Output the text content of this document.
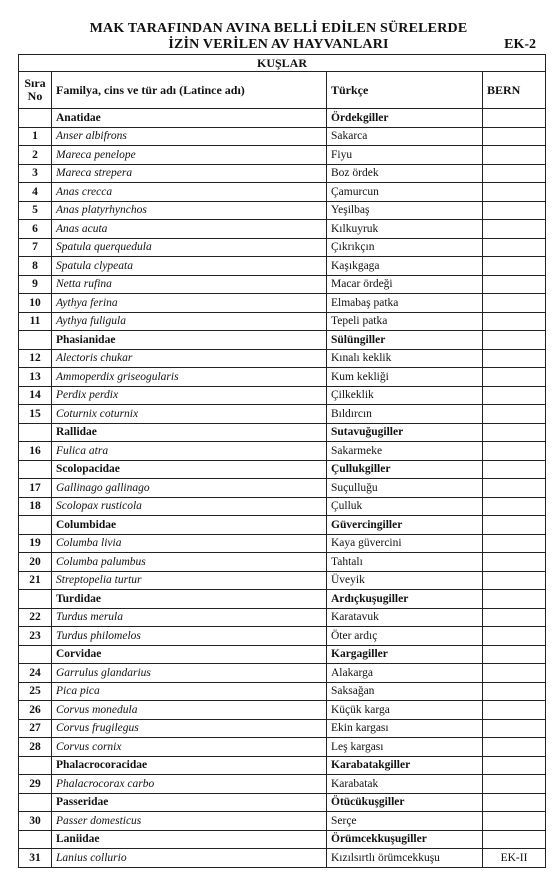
MAK TARAFINDAN AVINA BELLİ EDİLEN SÜRELERDE
İZİN VERİLEN AV HAYVANLARI	EK-2
KUŞLAR			
Sıra
No	Familya, cins ve tür adı (Latince adı)	Türkçe	BERN
	Anatidae	Ördekgiller	
1	Anser albifrons	Sakarca	
2	Mareca penelope	Fiyu	
3	Mareca strepera	Boz ördek	
4	Anas crecca	Çamurcun	
5	Anas platyrhynchos	Yeşilbaş	
6	Anas acuta	Kılkuyruk	
7	Spatula querquedula	Çıkrıkçın	
8	Spatula clypeata	Kaşıkgaga	
9	Netta rufina	Macar ördeği	
10	Aythya ferina	Elmabaş patka	
11	Aythya fuligula	Tepeli patka	
	Phasianidae	Sülüngiller	
12	Alectoris chukar	Kınalı keklik	
13	Ammoperdix griseogularis	Kum kekliği	
14	Perdix perdix	Çilkeklik	
15	Coturnix coturnix	Bıldırcın	
	Rallidae	Sutavuğugiller	
16	Fulica atra	Sakarmeke	
	Scolopacidae	Çullukgiller	
17	Gallinago gallinago	Suçulluğu	
18	Scolopax rusticola	Çulluk	
	Columbidae	Güvercingiller	
19	Columba livia	Kaya güvercini	
20	Columba palumbus	Tahtalı	
21	Streptopelia turtur	Üveyik	
	Turdidae	Ardıçkuşugiller	
22	Turdus merula	Karatavuk	
23	Turdus philomelos	Öter ardıç	
	Corvidae	Kargagiller	
24	Garrulus glandarius	Alakarga	
25	Pica pica	Saksağan	
26	Corvus monedula	Küçük karga	
27	Corvus frugilegus	Ekin kargası	
28	Corvus cornix	Leş kargası	
	Phalacrocoracidae	Karabatakgiller	
29	Phalacrocorax carbo	Karabatak	
	Passeridae	Ötücükuşgiller	
30	Passer domesticus	Serçe	
	Laniidae	Örümcekkuşugiller	
31	Lanius collurio	Kızılsırtlı örümcekkuşu	EK-II
